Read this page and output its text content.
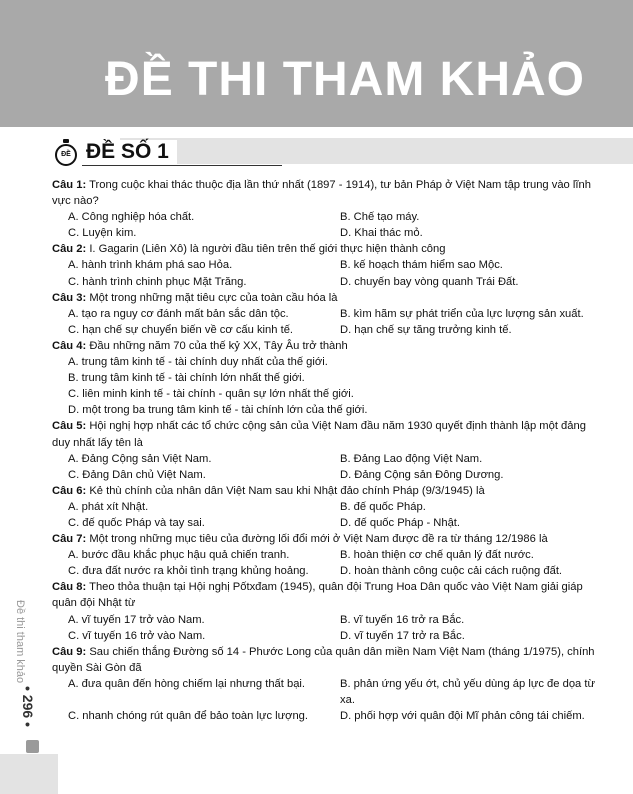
ĐỀ THI THAM KHẢO
ĐỀ ĐỀ SỐ 1
Câu 1: Trong cuộc khai thác thuộc địa lần thứ nhất (1897 - 1914), tư bản Pháp ở Việt Nam tập trung vào lĩnh vực nào?
A. Công nghiệp hóa chất.	B. Chế tạo máy.
C. Luyện kim.	D. Khai thác mỏ.
Câu 2: I. Gagarin (Liên Xô) là người đầu tiên trên thế giới thực hiện thành công
A. hành trình khám phá sao Hỏa.	B. kế hoạch thám hiểm sao Mộc.
C. hành trình chinh phục Mặt Trăng.	D. chuyến bay vòng quanh Trái Đất.
Câu 3: Một trong những mặt tiêu cực của toàn cầu hóa là
A. tạo ra nguy cơ đánh mất bản sắc dân tộc.	B. kìm hãm sự phát triển của lực lượng sản xuất.
C. hạn chế sự chuyển biến về cơ cấu kinh tế.	D. hạn chế sự tăng trưởng kinh tế.
Câu 4: Đầu những năm 70 của thế kỷ XX, Tây Âu trở thành
A. trung tâm kinh tế - tài chính duy nhất của thế giới.
B. trung tâm kinh tế - tài chính lớn nhất thế giới.
C. liên minh kinh tế - tài chính - quân sự lớn nhất thế giới.
D. một trong ba trung tâm kinh tế - tài chính lớn của thế giới.
Câu 5: Hội nghị hợp nhất các tổ chức cộng sản của Việt Nam đầu năm 1930 quyết định thành lập một đảng duy nhất lấy tên là
A. Đảng Cộng sản Việt Nam.	B. Đảng Lao động Việt Nam.
C. Đảng Dân chủ Việt Nam.	D. Đảng Cộng sản Đông Dương.
Câu 6: Kẻ thù chính của nhân dân Việt Nam sau khi Nhật đảo chính Pháp (9/3/1945) là
A. phát xít Nhật.	B. đế quốc Pháp.
C. đế quốc Pháp và tay sai.	D. đế quốc Pháp - Nhật.
Câu 7: Một trong những mục tiêu của đường lối đổi mới ở Việt Nam được đề ra từ tháng 12/1986 là
A. bước đầu khắc phục hậu quả chiến tranh.	B. hoàn thiện cơ chế quản lý đất nước.
C. đưa đất nước ra khỏi tình trạng khủng hoảng.	D. hoàn thành công cuộc cải cách ruộng đất.
Câu 8: Theo thỏa thuận tại Hội nghị Pốtxđam (1945), quân đội Trung Hoa Dân quốc vào Việt Nam giải giáp quân đội Nhật từ
A. vĩ tuyến 17 trở vào Nam.	B. vĩ tuyến 16 trở ra Bắc.
C. vĩ tuyến 16 trở vào Nam.	D. vĩ tuyến 17 trở ra Bắc.
Câu 9: Sau chiến thắng Đường số 14 - Phước Long của quân dân miền Nam Việt Nam (tháng 1/1975), chính quyền Sài Gòn đã
A. đưa quân đến hòng chiếm lại nhưng thất bại.	B. phản ứng yếu ớt, chủ yếu dùng áp lực đe dọa từ xa.
C. nhanh chóng rút quân để bảo toàn lực lượng.	D. phối hợp với quân đội Mĩ phản công tái chiếm.
Đề thi tham khảo
• 296 •
